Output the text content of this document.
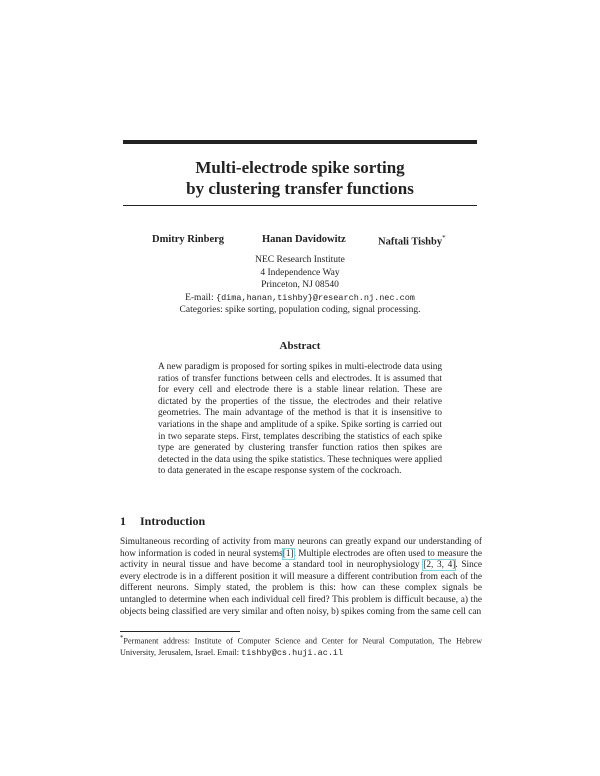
Multi-electrode spike sorting
by clustering transfer functions
Dmitry Rinberg	Hanan Davidowitz	Naftali Tishby*
NEC Research Institute
4 Independence Way
Princeton, NJ 08540
E-mail: {dima,hanan,tishby}@research.nj.nec.com
Categories: spike sorting, population coding, signal processing.
Abstract
A new paradigm is proposed for sorting spikes in multi-electrode data using ratios of transfer functions between cells and electrodes. It is assumed that for every cell and electrode there is a stable linear relation. These are dictated by the properties of the tissue, the electrodes and their relative geometries. The main advantage of the method is that it is insensitive to variations in the shape and amplitude of a spike. Spike sorting is carried out in two separate steps. First, templates describing the statistics of each spike type are generated by clustering transfer function ratios then spikes are detected in the data using the spike statistics. These techniques were applied to data generated in the escape response system of the cockroach.
1 Introduction
Simultaneous recording of activity from many neurons can greatly expand our understanding of how information is coded in neural systems[1]. Multiple electrodes are often used to measure the activity in neural tissue and have become a standard tool in neurophysiology [2, 3, 4]. Since every electrode is in a different position it will measure a different contribution from each of the different neurons. Simply stated, the problem is this: how can these complex signals be untangled to determine when each individual cell fired? This problem is difficult because, a) the objects being classified are very similar and often noisy, b) spikes coming from the same cell can
*Permanent address: Institute of Computer Science and Center for Neural Computation, The Hebrew University, Jerusalem, Israel. Email: tishby@cs.huji.ac.il
